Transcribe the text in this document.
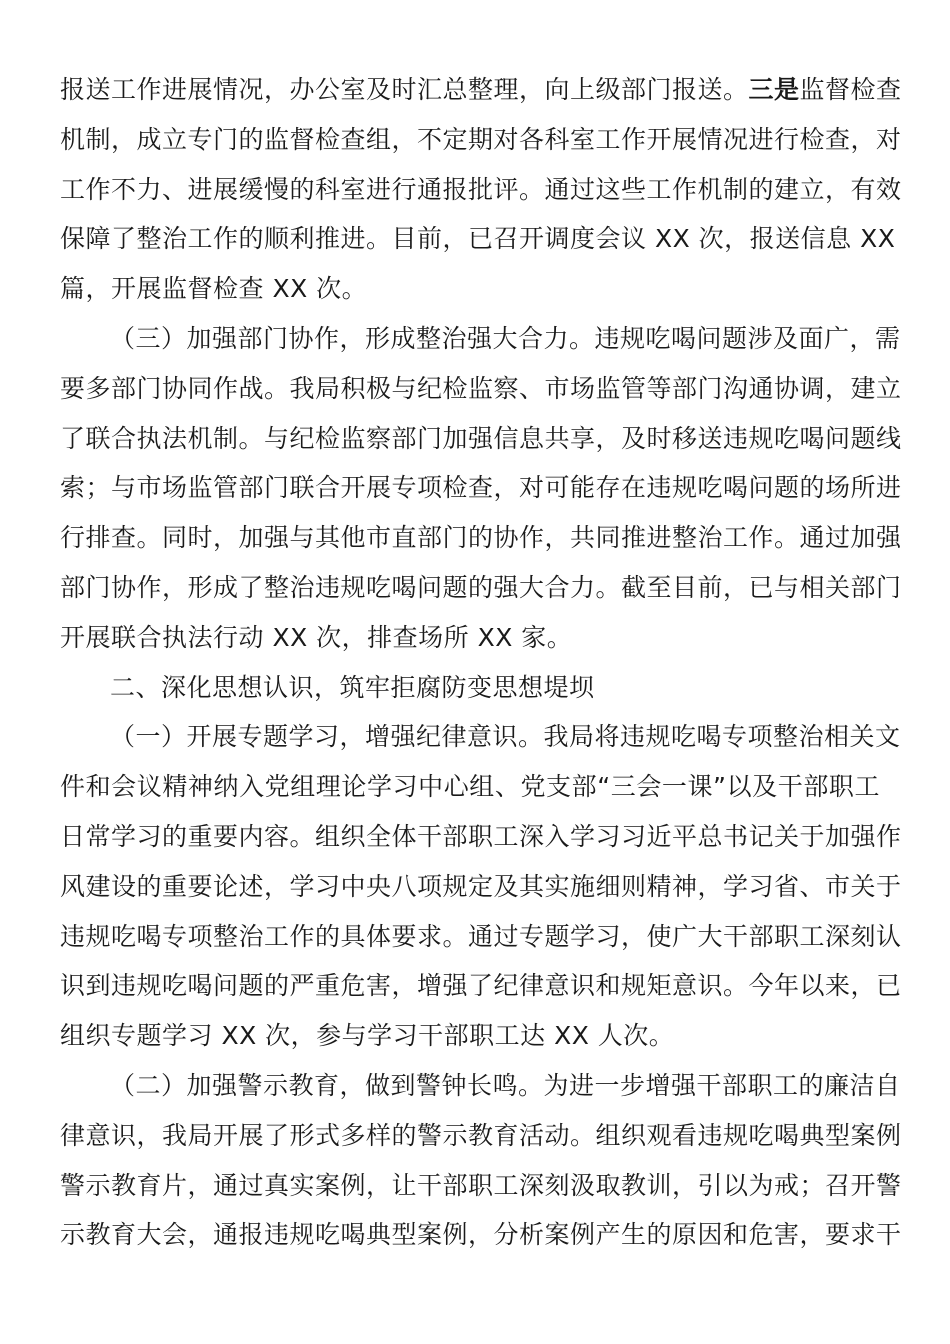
报送工作进展情况，办公室及时汇总整理，向上级部门报送。三是监督检查
机制，成立专门的监督检查组，不定期对各科室工作开展情况进行检查，对
工作不力、进展缓慢的科室进行通报批评。通过这些工作机制的建立，有效
保障了整治工作的顺利推进。目前，已召开调度会议 XX 次，报送信息 XX
篇，开展监督检查 XX 次。
（三）加强部门协作，形成整治强大合力。违规吃喝问题涉及面广，需
要多部门协同作战。我局积极与纪检监察、市场监管等部门沟通协调，建立
了联合执法机制。与纪检监察部门加强信息共享，及时移送违规吃喝问题线
索；与市场监管部门联合开展专项检查，对可能存在违规吃喝问题的场所进
行排查。同时，加强与其他市直部门的协作，共同推进整治工作。通过加强
部门协作，形成了整治违规吃喝问题的强大合力。截至目前，已与相关部门
开展联合执法行动 XX 次，排查场所 XX 家。
二、深化思想认识，筑牢拒腐防变思想堤坝
（一）开展专题学习，增强纪律意识。我局将违规吃喝专项整治相关文
件和会议精神纳入党组理论学习中心组、党支部“三会一课”以及干部职工
日常学习的重要内容。组织全体干部职工深入学习习近平总书记关于加强作
风建设的重要论述，学习中央八项规定及其实施细则精神，学习省、市关于
违规吃喝专项整治工作的具体要求。通过专题学习，使广大干部职工深刻认
识到违规吃喝问题的严重危害，增强了纪律意识和规矩意识。今年以来，已
组织专题学习 XX 次，参与学习干部职工达 XX 人次。
（二）加强警示教育，做到警钟长鸣。为进一步增强干部职工的廉洁自
律意识，我局开展了形式多样的警示教育活动。组织观看违规吃喝典型案例
警示教育片，通过真实案例，让干部职工深刻汲取教训，引以为戒；召开警
示教育大会，通报违规吃喝典型案例，分析案例产生的原因和危害，要求干
